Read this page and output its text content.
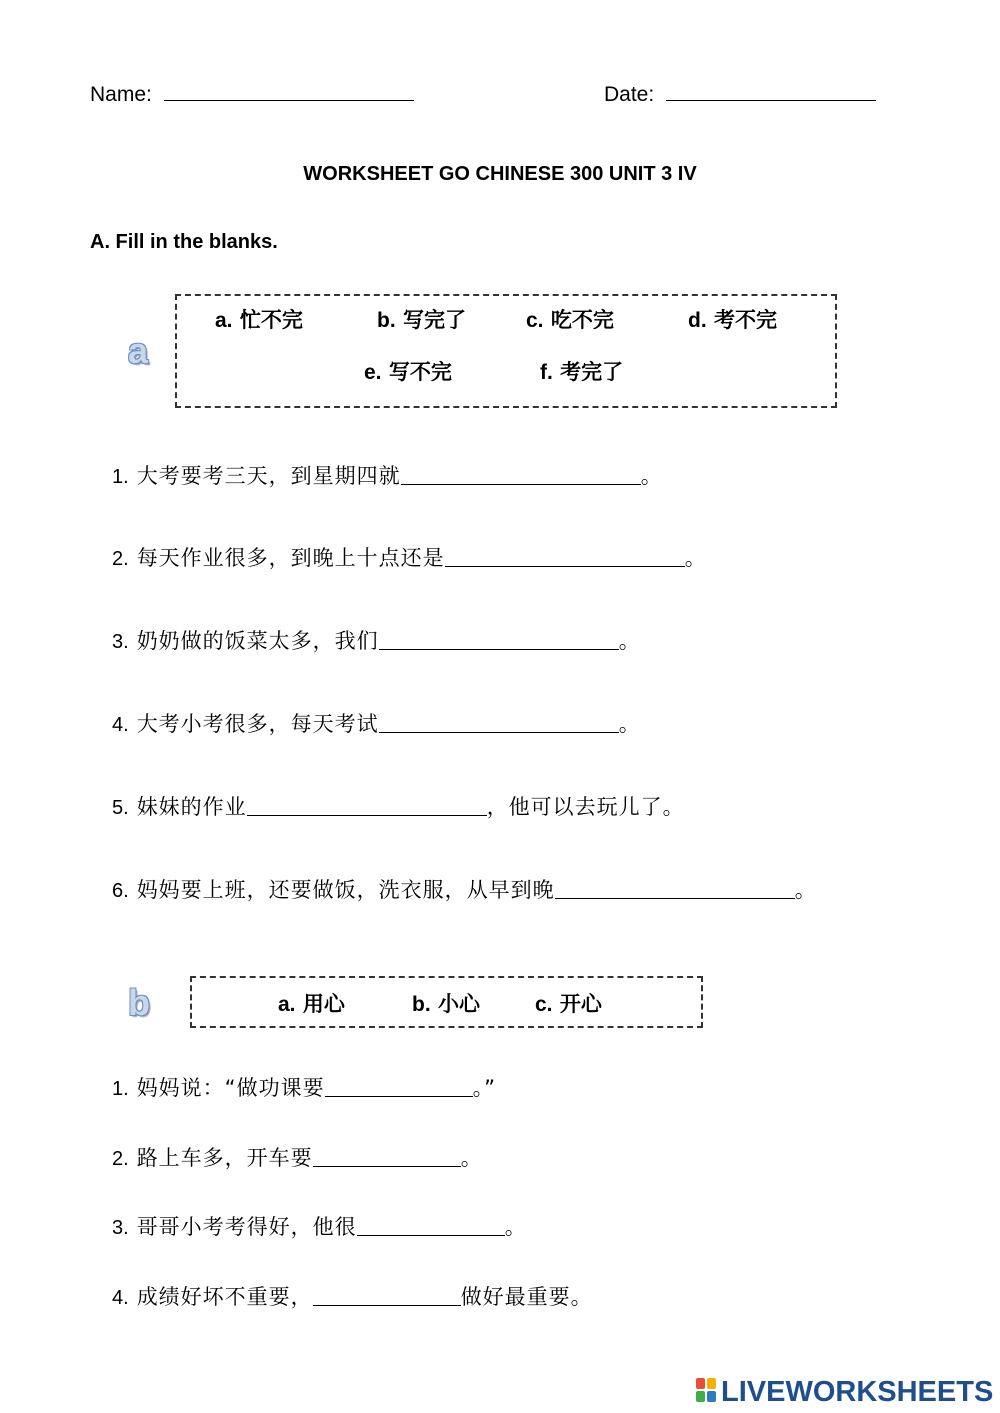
Name:	Date:
WORKSHEET GO CHINESE 300 UNIT 3 IV
A. Fill in the blanks.
a
a. 忙不完	b. 写完了	c. 吃不完	d. 考不完
e. 写不完	f. 考完了
1. 大考要考三天，到星期四就	。
2. 每天作业很多，到晚上十点还是	。
3. 奶奶做的饭菜太多，我们	。
4. 大考小考很多，每天考试	。
5. 妹妹的作业	，他可以去玩儿了。
6. 妈妈要上班，还要做饭，洗衣服，从早到晚	。
b	a. 用心	b. 小心	c. 开心
1. 妈妈说：“做功课要	。”
2. 路上车多，开车要	。
3. 哥哥小考考得好，他很	。
4. 成绩好坏不重要，	做好最重要。
LIVEWORKSHEETS
